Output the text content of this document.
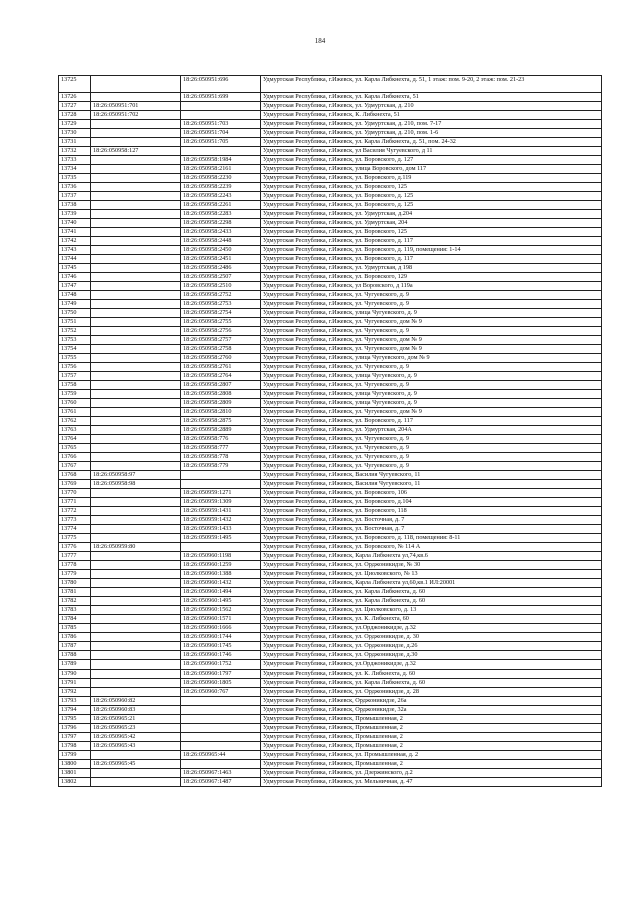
184
13725		18:26:050951:696	Удмуртская Республика, г.Ижевск, ул. Карла Либкнехта, д. 51, 1 этаж: пом. 9-20, 2 этаж: пом. 21-23
13726		18:26:050951:699	Удмуртская Республика, г.Ижевск, ул. Карла Либкнехта, 51
13727	18:26:050951:701		Удмуртская Республика, г.Ижевск, ул. Удмуртская, д. 210
13728	18:26:050951:702		Удмуртская Республика, г.Ижевск, К. Либкнехта, 51
13729		18:26:050951:703	Удмуртская Республика, г.Ижевск, ул. Удмуртская, д. 210, пом. 7-17
13730		18:26:050951:704	Удмуртская Республика, г.Ижевск, ул. Удмуртская, д. 210, пом. 1-6
13731		18:26:050951:705	Удмуртская Республика, г.Ижевск, ул. Карла Либкнехта, д. 51, пом. 24-32
13732	18:26:050958:127		Удмуртская Республика, г.Ижевск, ул Василия Чугуевского, д 11
13733		18:26:050958:1984	Удмуртская Республика, г.Ижевск, ул. Воровского, д. 127
13734		18:26:050958:2161	Удмуртская Республика, г.Ижевск, улица Воровского, дом 117
13735		18:26:050958:2230	Удмуртская Республика, г.Ижевск, ул. Воровского, д.119
13736		18:26:050958:2239	Удмуртская Республика, г.Ижевск, ул. Воровского, 125
13737		18:26:050958:2243	Удмуртская Республика, г.Ижевск, ул. Воровского, д. 125
13738		18:26:050958:2261	Удмуртская Республика, г.Ижевск, ул. Воровского, д. 125
13739		18:26:050958:2283	Удмуртская Республика, г.Ижевск, ул. Удмуртская, д.204
13740		18:26:050958:2298	Удмуртская Республика, г.Ижевск, ул. Удмуртская, 204
13741		18:26:050958:2433	Удмуртская Республика, г.Ижевск, ул. Воровского, 125
13742		18:26:050958:2448	Удмуртская Республика, г.Ижевск, ул. Воровского, д. 117
13743		18:26:050958:2450	Удмуртская Республика, г.Ижевск, ул. Воровского, д. 119, помещения: 1-14
13744		18:26:050958:2451	Удмуртская Республика, г.Ижевск, ул. Воровского, д. 117
13745		18:26:050958:2486	Удмуртская Республика, г.Ижевск, ул. Удмуртская, д 198
13746		18:26:050958:2507	Удмуртская Республика, г.Ижевск, ул. Воровского, 129
13747		18:26:050958:2510	Удмуртская Республика, г.Ижевск, ул Воровского, д 119а
13748		18:26:050958:2752	Удмуртская Республика, г.Ижевск, ул. Чугуевского, д. 9
13749		18:26:050958:2753	Удмуртская Республика, г.Ижевск, ул. Чугуевского, д. 9
13750		18:26:050958:2754	Удмуртская Республика, г.Ижевск, улица Чугуевского, д. 9
13751		18:26:050958:2755	Удмуртская Республика, г.Ижевск, ул. Чугуевского, дом № 9
13752		18:26:050958:2756	Удмуртская Республика, г.Ижевск, ул. Чугуевского, д. 9
13753		18:26:050958:2757	Удмуртская Республика, г.Ижевск, ул. Чугуевского, дом № 9
13754		18:26:050958:2758	Удмуртская Республика, г.Ижевск, ул. Чугуевского, дом № 9
13755		18:26:050958:2760	Удмуртская Республика, г.Ижевск, улица Чугуевского, дом № 9
13756		18:26:050958:2761	Удмуртская Республика, г.Ижевск, ул. Чугуевского, д. 9
13757		18:26:050958:2764	Удмуртская Республика, г.Ижевск, улица Чугуевского, д. 9
13758		18:26:050958:2807	Удмуртская Республика, г.Ижевск, ул. Чугуевского, д. 9
13759		18:26:050958:2808	Удмуртская Республика, г.Ижевск, улица Чугуевского, д. 9
13760		18:26:050958:2809	Удмуртская Республика, г.Ижевск, улица Чугуевского, д. 9
13761		18:26:050958:2810	Удмуртская Республика, г.Ижевск, ул. Чугуевского, дом № 9
13762		18:26:050958:2875	Удмуртская Республика, г.Ижевск, ул. Воровского, д. 117
13763		18:26:050958:2889	Удмуртская Республика, г.Ижевск, ул. Удмуртская, 204А
13764		18:26:050958:776	Удмуртская Республика, г.Ижевск, ул. Чугуевского, д. 9
13765		18:26:050958:777	Удмуртская Республика, г.Ижевск, ул. Чугуевского, д. 9
13766		18:26:050958:778	Удмуртская Республика, г.Ижевск, ул. Чугуевского, д. 9
13767		18:26:050958:779	Удмуртская Республика, г.Ижевск, ул. Чугуевского, д. 9
13768	18:26:050958:97		Удмуртская Республика, г.Ижевск, Василия Чугуевского, 11
13769	18:26:050958:98		Удмуртская Республика, г.Ижевск, Василия Чугуевского, 11
13770		18:26:050959:1271	Удмуртская Республика, г.Ижевск, ул. Воровского, 106
13771		18:26:050959:1309	Удмуртская Республика, г.Ижевск, ул. Воровского, д.104
13772		18:26:050959:1431	Удмуртская Республика, г.Ижевск, ул. Воровского, 118
13773		18:26:050959:1432	Удмуртская Республика, г.Ижевск, ул. Восточная, д. 7
13774		18:26:050959:1433	Удмуртская Республика, г.Ижевск, ул. Восточная, д. 7
13775		18:26:050959:1495	Удмуртская Республика, г.Ижевск, ул. Воровского, д. 118, помещения: 8-11
13776	18:26:050959:80		Удмуртская Республика, г.Ижевск, ул. Воровского, № 114 А
13777		18:26:050960:1198	Удмуртская Республика, г.Ижевск, Карла Либкнехта ул,74,кв.6
13778		18:26:050960:1259	Удмуртская Республика, г.Ижевск, ул. Орджоникидзе, № 30
13779		18:26:050960:1388	Удмуртская Республика, г.Ижевск, ул. Циолковского, № 13
13780		18:26:050960:1432	Удмуртская Республика, г.Ижевск, Карла Либкнехта ул,60,кв.1 ИЛ:20001
13781		18:26:050960:1494	Удмуртская Республика, г.Ижевск, ул. Карла Либкнехта, д. 60
13782		18:26:050960:1495	Удмуртская Республика, г.Ижевск, ул. Карла Либкнехта, д. 60
13783		18:26:050960:1562	Удмуртская Республика, г.Ижевск, ул. Циолковского, д. 13
13784		18:26:050960:1571	Удмуртская Республика, г.Ижевск, ул. К. Либкнехта, 60
13785		18:26:050960:1666	Удмуртская Республика, г.Ижевск, ул.Орджоникидзе, д.32
13786		18:26:050960:1744	Удмуртская Республика, г.Ижевск, ул. Орджоникидзе, д. 30
13787		18:26:050960:1745	Удмуртская Республика, г.Ижевск, ул. Орджоникидзе, д.26
13788		18:26:050960:1746	Удмуртская Республика, г.Ижевск, ул. Орджоникидзе, д.30
13789		18:26:050960:1752	Удмуртская Республика, г.Ижевск, ул.Орджоникидзе, д.32
13790		18:26:050960:1797	Удмуртская Республика, г.Ижевск, ул. К. Либкнехта, д. 60
13791		18:26:050960:1805	Удмуртская Республика, г.Ижевск, ул. Карла Либкнехта, д. 60
13792		18:26:050960:767	Удмуртская Республика, г.Ижевск, ул. Орджоникидзе, д. 28
13793	18:26:050960:82		Удмуртская Республика, г.Ижевск, Орджоникидзе, 26а
13794	18:26:050960:83		Удмуртская Республика, г.Ижевск, Орджоникидзе, 32а
13795	18:26:050965:21		Удмуртская Республика, г.Ижевск, Промышленная, 2
13796	18:26:050965:23		Удмуртская Республика, г.Ижевск, Промышленная, 2
13797	18:26:050965:42		Удмуртская Республика, г.Ижевск, Промышленная, 2
13798	18:26:050965:43		Удмуртская Республика, г.Ижевск, Промышленная, 2
13799		18:26:050965:44	Удмуртская Республика, г.Ижевск, ул. Промышленная, д. 2
13800	18:26:050965:45		Удмуртская Республика, г.Ижевск, Промышленная, 2
13801		18:26:050967:1463	Удмуртская Республика, г.Ижевск, ул. Дзержинского, д.2
13802		18:26:050967:1487	Удмуртская Республика, г.Ижевск, ул. Мельничная, д. 47
